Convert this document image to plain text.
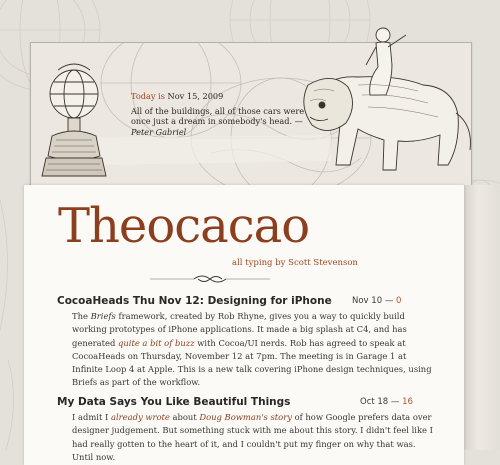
Today is Nov 15, 2009

All of the buildings, all of those cars were once just a dream in somebody's head. — Peter Gabriel
Theocacao
all typing by Scott Stevenson
CocoaHeads Thu Nov 12: Designing for iPhone Nov 10 — 0

The Briefs framework, created by Rob Rhyne, gives you a way to quickly build working prototypes of iPhone applications. It made a big splash at C4, and has generated quite a bit of buzz with Cocoa/UI nerds. Rob has agreed to speak at CocoaHeads on Thursday, November 12 at 7pm. The meeting is in Garage 1 at Infinite Loop 4 at Apple. This is a new talk covering iPhone design techniques, using Briefs as part of the workflow.

My Data Says You Like Beautiful Things	Oct 18 — 16

I admit I already wrote about Doug Bowman's story of how Google prefers data over designer judgement. But something stuck with me about this story. I didn't feel like I had really gotten to the heart of it, and I couldn't put my finger on why that was. Until now.
